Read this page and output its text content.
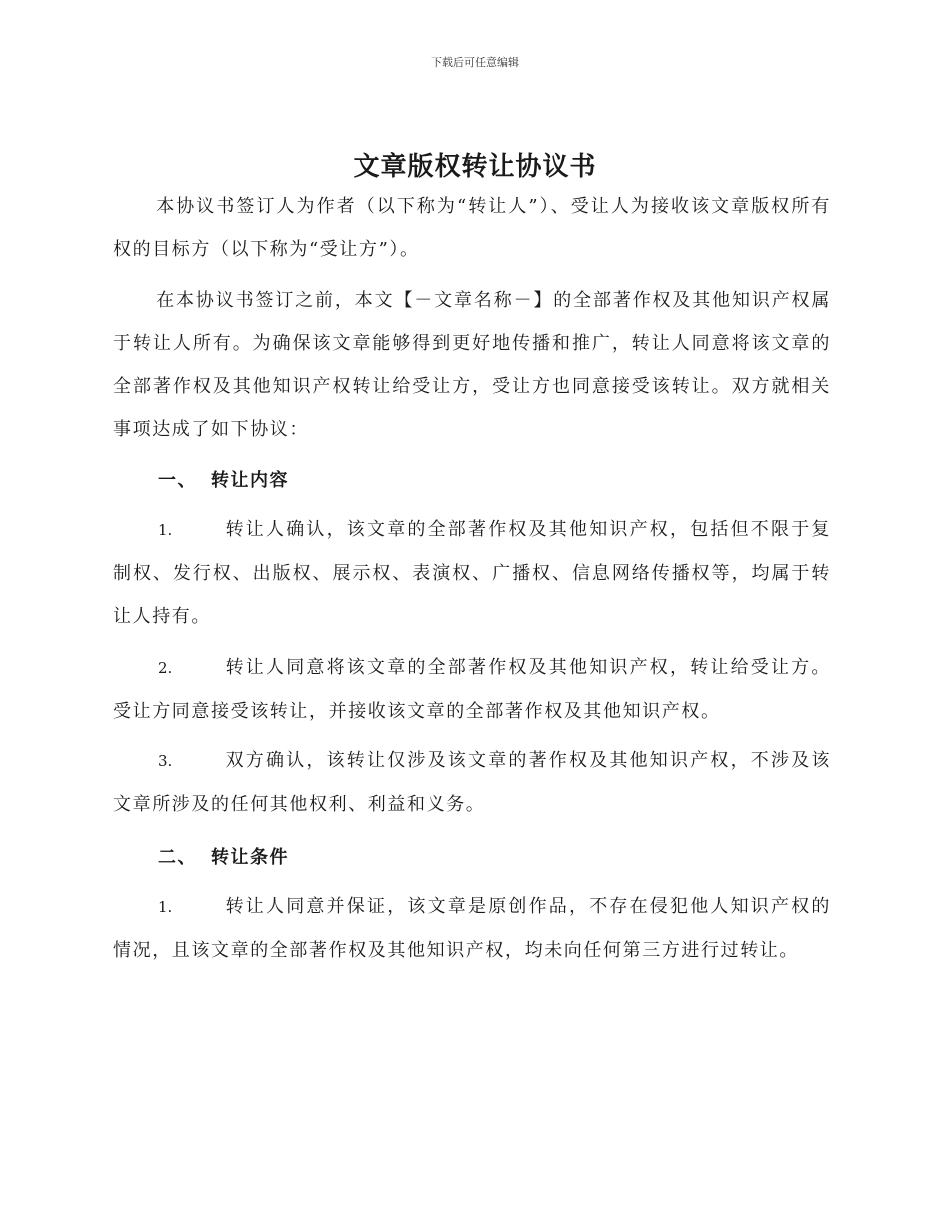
下载后可任意编辑
文章版权转让协议书

本协议书签订人为作者（以下称为“转让人”）、受让人为接收该文章版权所有权的目标方（以下称为“受让方”）。

在本协议书签订之前，本文【－文章名称－】的全部著作权及其他知识产权属于转让人所有。为确保该文章能够得到更好地传播和推广，转让人同意将该文章的全部著作权及其他知识产权转让给受让方，受让方也同意接受该转让。双方就相关事项达成了如下协议：

一、 转让内容
1.	转让人确认，该文章的全部著作权及其他知识产权，包括但不限于复制权、发行权、出版权、展示权、表演权、广播权、信息网络传播权等，均属于转让人持有。
2.	转让人同意将该文章的全部著作权及其他知识产权，转让给受让方。受让方同意接受该转让，并接收该文章的全部著作权及其他知识产权。
3.	双方确认，该转让仅涉及该文章的著作权及其他知识产权，不涉及该文章所涉及的任何其他权利、利益和义务。
二、 转让条件
1.	转让人同意并保证，该文章是原创作品，不存在侵犯他人知识产权的情况，且该文章的全部著作权及其他知识产权，均未向任何第三方进行过转让。
